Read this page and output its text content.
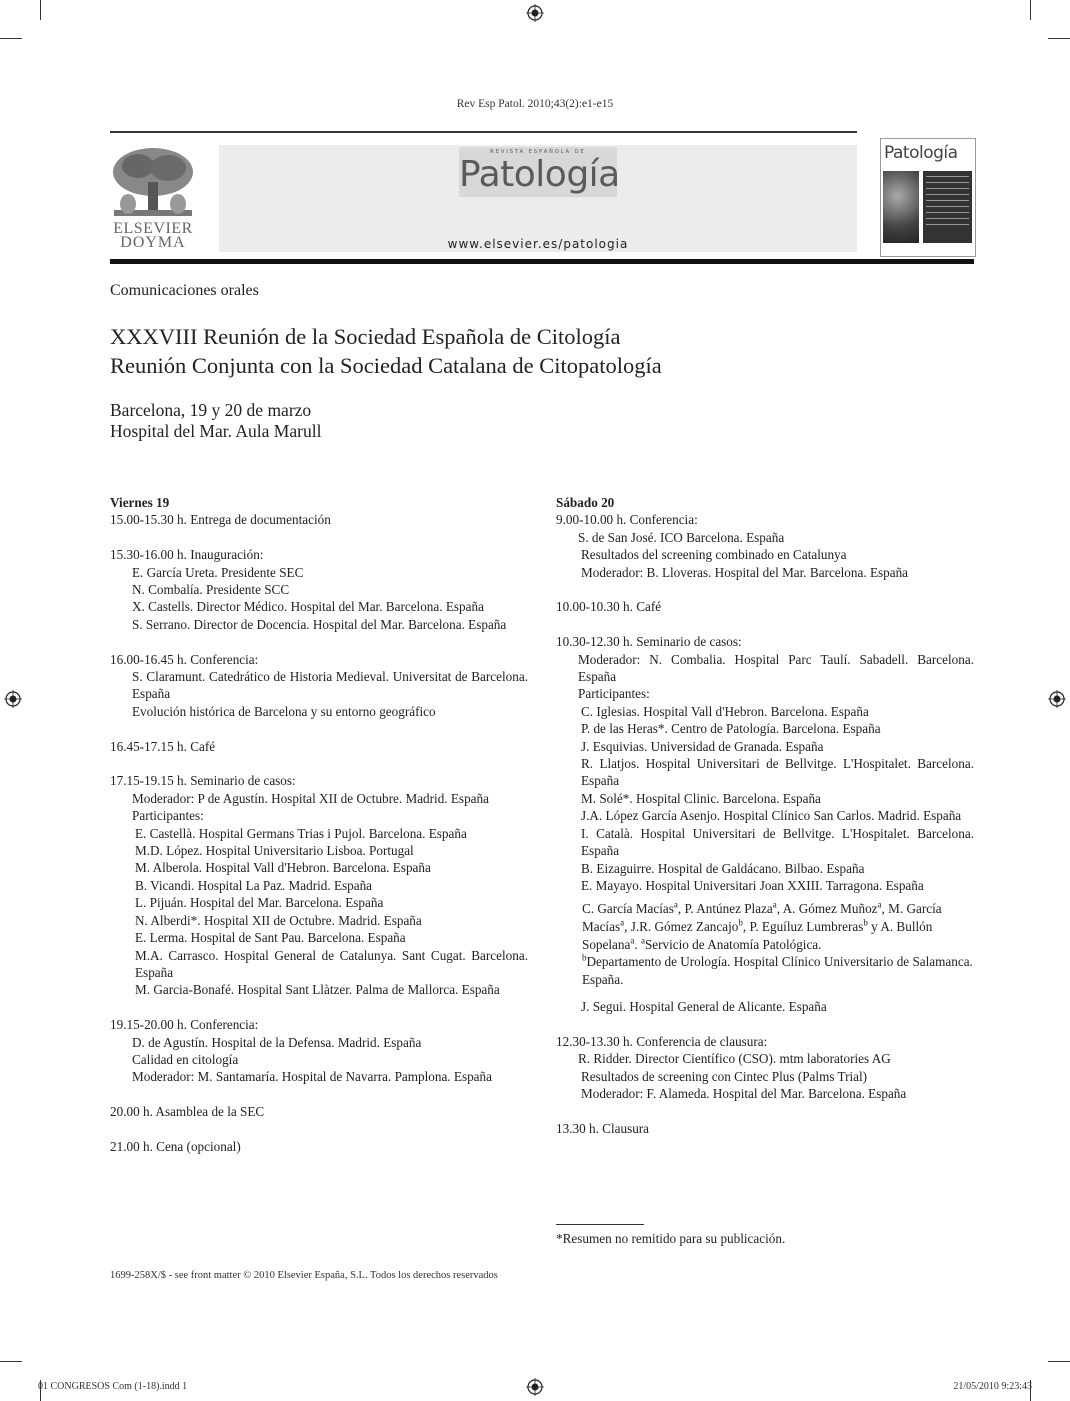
Rev Esp Patol. 2010;43(2):e1-e15
ELSEVIER
DOYMA
REVISTA ESPAÑOLA DE
Patología
www.elsevier.es/patologia
Patología
Comunicaciones orales
XXXVIII Reunión de la Sociedad Española de Citología
Reunión Conjunta con la Sociedad Catalana de Citopatología
Barcelona, 19 y 20 de marzo
Hospital del Mar. Aula Marull
Viernes 19
15.00-15.30 h. Entrega de documentación
15.30-16.00 h. Inauguración:
E. García Ureta. Presidente SEC
N. Combalía. Presidente SCC
X. Castells. Director Médico. Hospital del Mar. Barcelona. España
S. Serrano. Director de Docencia. Hospital del Mar. Barcelona. España
16.00-16.45 h. Conferencia:
S. Claramunt. Catedrático de Historia Medieval. Universitat de Barcelona. España
Evolución histórica de Barcelona y su entorno geográfico
16.45-17.15 h. Café
17.15-19.15 h. Seminario de casos:
Moderador: P de Agustín. Hospital XII de Octubre. Madrid. España
Participantes:
E. Castellà. Hospital Germans Trias i Pujol. Barcelona. España
M.D. López. Hospital Universitario Lisboa. Portugal
M. Alberola. Hospital Vall d'Hebron. Barcelona. España
B. Vicandi. Hospital La Paz. Madrid. España
L. Pijuán. Hospital del Mar. Barcelona. España
N. Alberdi*. Hospital XII de Octubre. Madrid. España
E. Lerma. Hospital de Sant Pau. Barcelona. España
M.A. Carrasco. Hospital General de Catalunya. Sant Cugat. Barcelona. España
M. Garcia-Bonafé. Hospital Sant Llàtzer. Palma de Mallorca. España
19.15-20.00 h. Conferencia:
D. de Agustín. Hospital de la Defensa. Madrid. España
Calidad en citología
Moderador: M. Santamaría. Hospital de Navarra. Pamplona. España
20.00 h. Asamblea de la SEC
21.00 h. Cena (opcional)
Sábado 20
9.00-10.00 h. Conferencia:
S. de San José. ICO Barcelona. España
Resultados del screening combinado en Catalunya
Moderador: B. Lloveras. Hospital del Mar. Barcelona. España
10.00-10.30 h. Café
10.30-12.30 h. Seminario de casos:
Moderador: N. Combalia. Hospital Parc Taulí. Sabadell. Barcelona. España
Participantes:
C. Iglesias. Hospital Vall d'Hebron. Barcelona. España
P. de las Heras*. Centro de Patología. Barcelona. España
J. Esquivias. Universidad de Granada. España
R. Llatjos. Hospital Universitari de Bellvitge. L'Hospitalet. Barcelona. España
M. Solé*. Hospital Clinic. Barcelona. España
J.A. López García Asenjo. Hospital Clínico San Carlos. Madrid. España
I. Català. Hospital Universitari de Bellvitge. L'Hospitalet. Barcelona. España
B. Eizaguirre. Hospital de Galdácano. Bilbao. España
E. Mayayo. Hospital Universitari Joan XXIII. Tarragona. España
C. García Macías$^a$, P. Antúnez Plaza$^a$, A. Gómez Muñoz$^a$, M. García Macías$^a$, J.R. Gómez Zancajo$^b$, P. Eguíluz Lumbreras$^b$ y A. Bullón Sopelana$^a$. $^a$Servicio de Anatomía Patológica.
$^b$Departamento de Urología. Hospital Clínico Universitario de Salamanca. España.
J. Segui. Hospital General de Alicante. España
12.30-13.30 h. Conferencia de clausura:
R. Ridder. Director Científico (CSO). mtm laboratories AG
Resultados de screening con Cintec Plus (Palms Trial)
Moderador: F. Alameda. Hospital del Mar. Barcelona. España
13.30 h. Clausura
*Resumen no remitido para su publicación.
1699-258X/$ - see front matter © 2010 Elsevier España, S.L. Todos los derechos reservados
01 CONGRESOS Com (1-18).indd 1	21/05/2010 9:23:43
